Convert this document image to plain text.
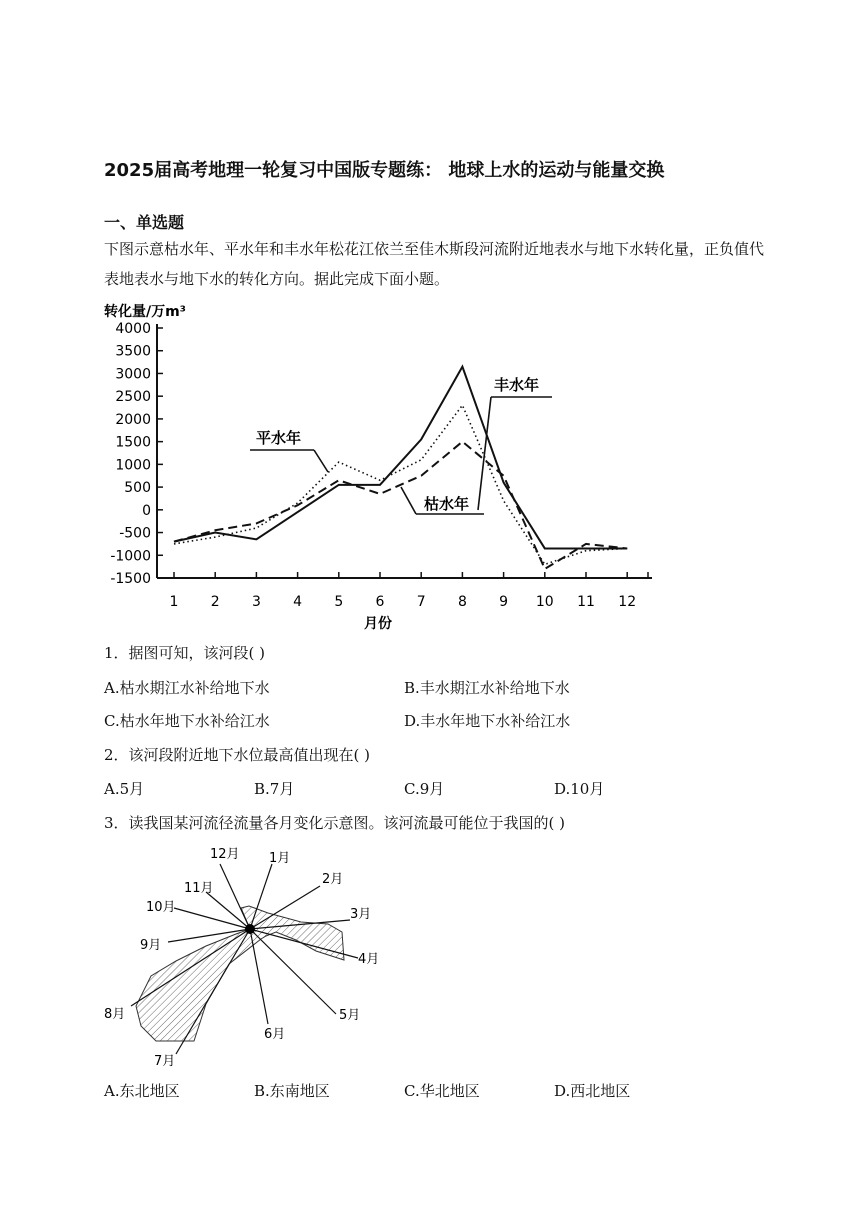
2025届高考地理一轮复习中国版专题练： 地球上水的运动与能量交换
一、单选题
下图示意枯水年、平水年和丰水年松花江依兰至佳木斯段河流附近地表水与地下水转化量，正负值代表地表水与地下水的转化方向。据此完成下面小题。
转化量/万m³
月份
4000
3500
3000
2500
2000
1500
1000
500
0
-500
-1000
-1500
1 2 3 4 5 6 7 8 9 10 11 12
丰水年
平水年
枯水年
1．据图可知，该河段( )
A.枯水期江水补给地下水	B.丰水期江水补给地下水
C.枯水年地下水补给江水	D.丰水年地下水补给江水
2．该河段附近地下水位最高值出现在( )
A.5月	B.7月	C.9月	D.10月
3．读我国某河流径流量各月变化示意图。该河流最可能位于我国的( )
1月
2月
3月
4月
5月
6月
7月
8月
9月
10月
11月
12月
A.东北地区	B.东南地区	C.华北地区	D.西北地区
